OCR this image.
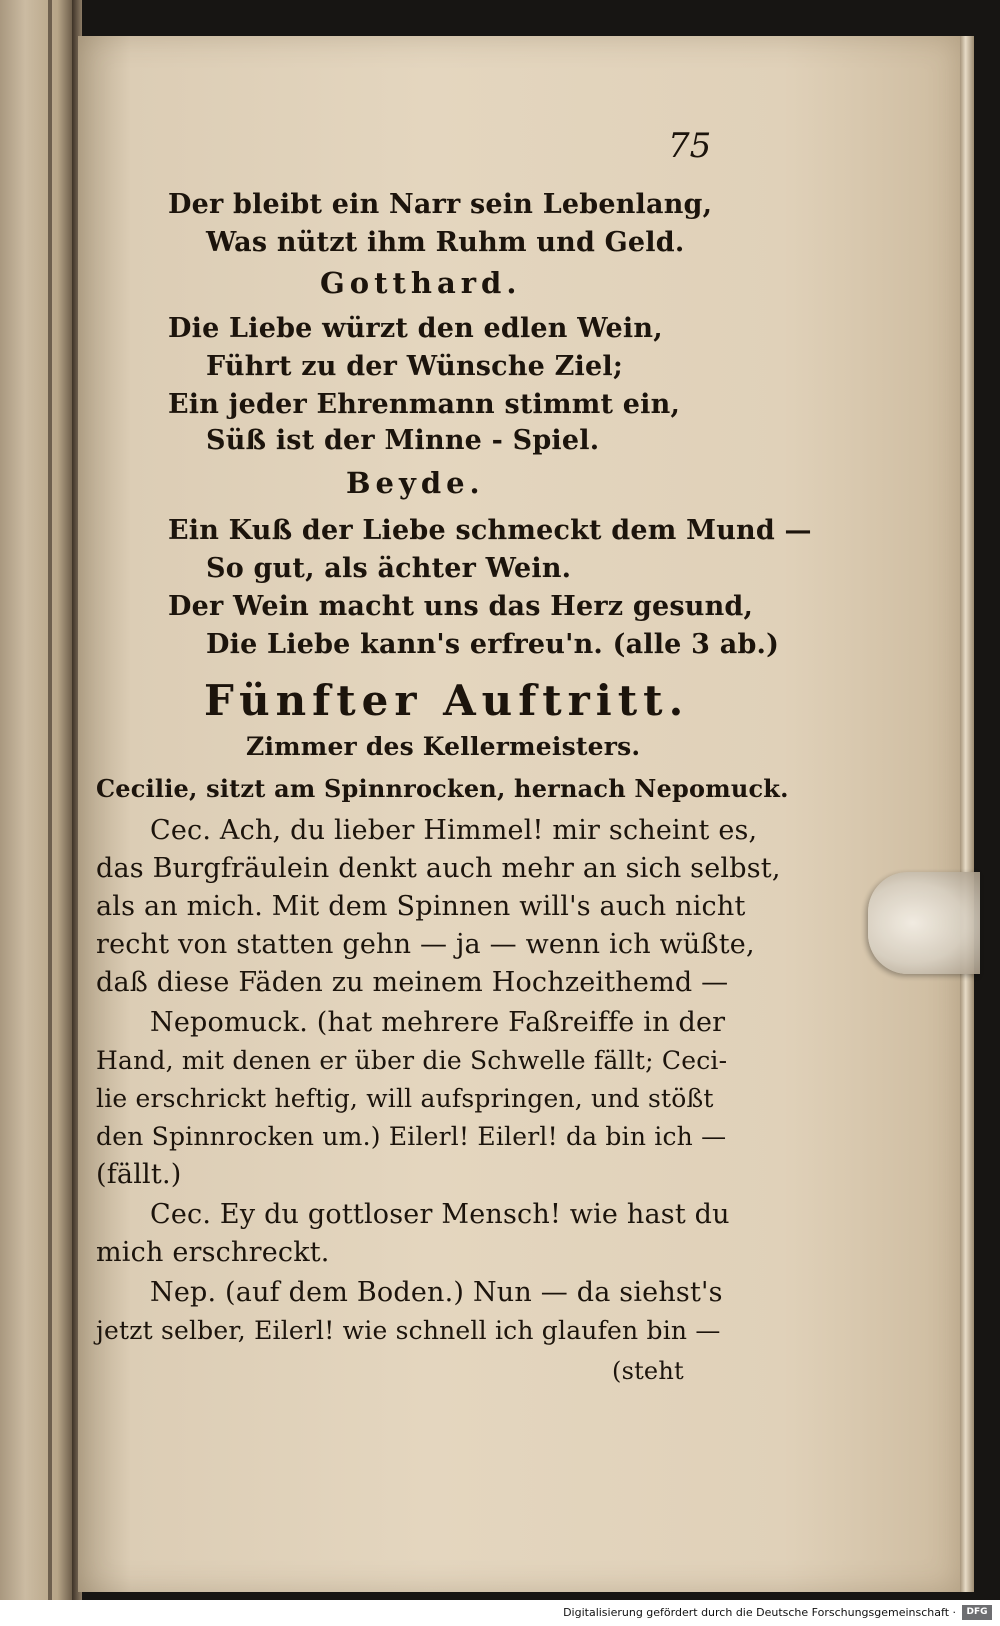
75
Der bleibt ein Narr sein Lebenlang,
Was nützt ihm Ruhm und Geld.
Gotthard.
Die Liebe würzt den edlen Wein,
Führt zu der Wünsche Ziel;
Ein jeder Ehrenmann stimmt ein,
Süß ist der Minne - Spiel.
Beyde.
Ein Kuß der Liebe schmeckt dem Mund —
So gut, als ächter Wein.
Der Wein macht uns das Herz gesund,
Die Liebe kann's erfreu'n. (alle 3 ab.)
Fünfter Auftritt.
Zimmer des Kellermeisters.
Cecilie, sitzt am Spinnrocken, hernach Nepomuck.
Cec. Ach, du lieber Himmel! mir scheint es,
das Burgfräulein denkt auch mehr an sich selbst,
als an mich. Mit dem Spinnen will's auch nicht
recht von statten gehn — ja — wenn ich wüßte,
daß diese Fäden zu meinem Hochzeithemd —
Nepomuck. (hat mehrere Faßreiffe in der
Hand, mit denen er über die Schwelle fällt; Ceci-
lie erschrickt heftig, will aufspringen, und stößt
den Spinnrocken um.) Eilerl! Eilerl! da bin ich —
(fällt.)
Cec. Ey du gottloser Mensch! wie hast du
mich erschreckt.
Nep. (auf dem Boden.) Nun — da siehst's
jetzt selber, Eilerl! wie schnell ich glaufen bin —
(steht
Digitalisierung gefördert durch die Deutsche Forschungsgemeinschaft ·	DFG
